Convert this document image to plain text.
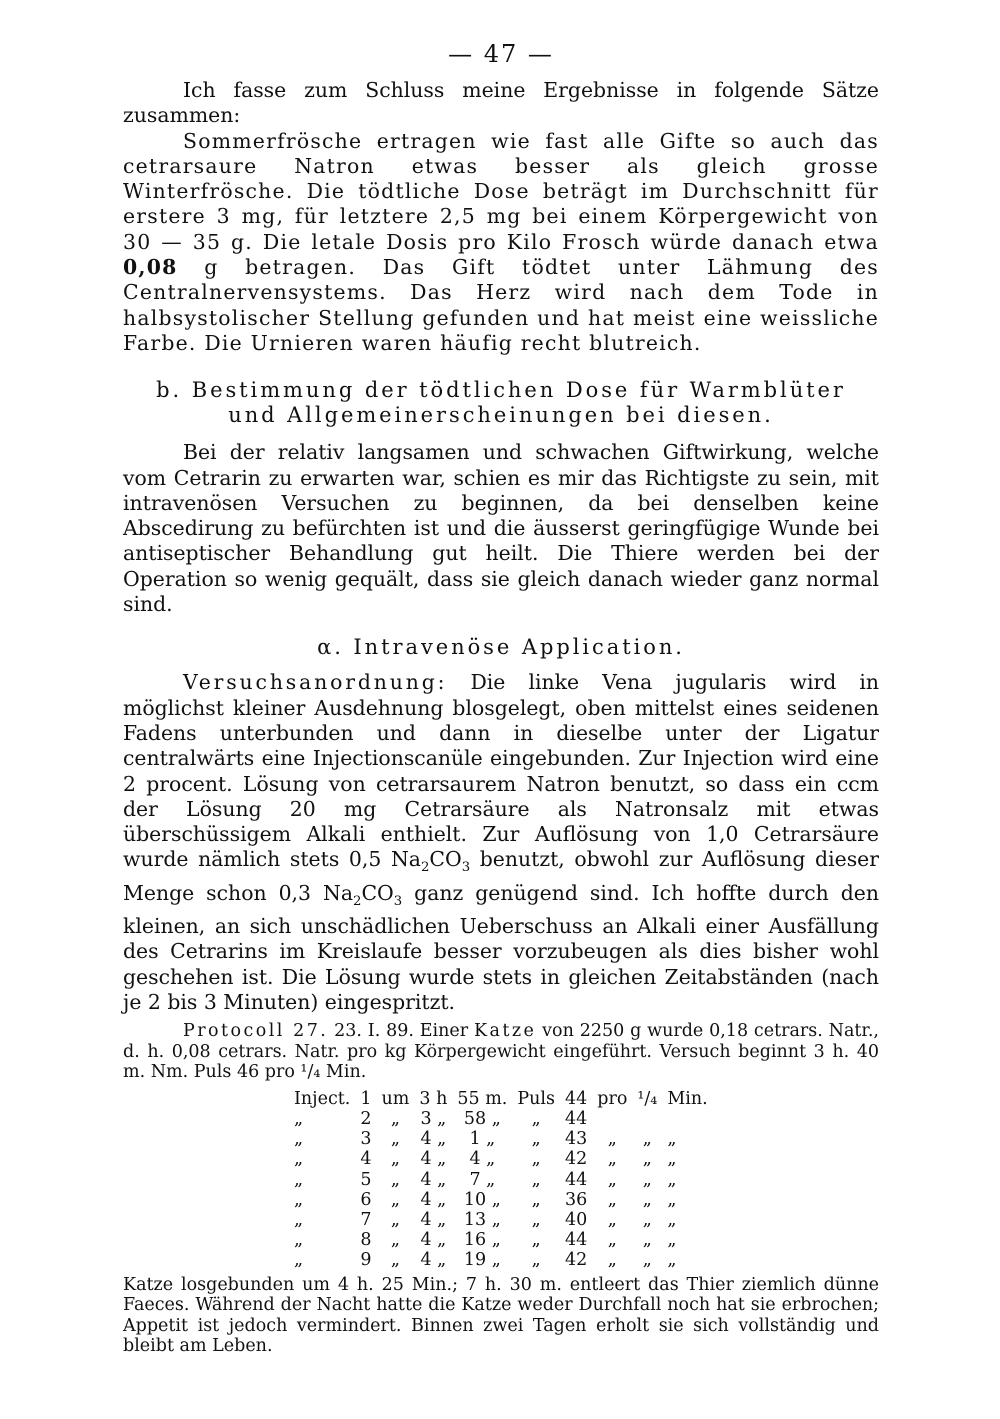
— 47 —

Ich fasse zum Schluss meine Ergebnisse in folgende Sätze zusammen:

Sommerfrösche ertragen wie fast alle Gifte so auch das cetrarsaure Natron etwas besser als gleich grosse Winterfrösche. Die tödtliche Dose beträgt im Durchschnitt für erstere 3 mg, für letztere 2,5 mg bei einem Körpergewicht von 30 — 35 g. Die letale Dosis pro Kilo Frosch würde danach etwa 0,08 g betragen. Das Gift tödtet unter Lähmung des Centralnervensystems. Das Herz wird nach dem Tode in halbsystolischer Stellung gefunden und hat meist eine weissliche Farbe. Die Urnieren waren häufig recht blutreich.

b. Bestimmung der tödtlichen Dose für Warmblüter
und Allgemeinerscheinungen bei diesen.

Bei der relativ langsamen und schwachen Giftwirkung, welche vom Cetrarin zu erwarten war, schien es mir das Richtigste zu sein, mit intravenösen Versuchen zu beginnen, da bei denselben keine Abscedirung zu befürchten ist und die äusserst geringfügige Wunde bei antiseptischer Behandlung gut heilt. Die Thiere werden bei der Operation so wenig gequält, dass sie gleich danach wieder ganz normal sind.

α. Intravenöse Application.

Versuchsanordnung: Die linke Vena jugularis wird in möglichst kleiner Ausdehnung blosgelegt, oben mittelst eines seidenen Fadens unterbunden und dann in dieselbe unter der Ligatur centralwärts eine Injectionscanüle eingebunden. Zur Injection wird eine 2 procent. Lösung von cetrarsaurem Natron benutzt, so dass ein ccm der Lösung 20 mg Cetrarsäure als Natronsalz mit etwas überschüssigem Alkali enthielt. Zur Auflösung von 1,0 Cetrarsäure wurde nämlich stets 0,5 $Na_2CO_3$ benutzt, obwohl zur Auflösung dieser Menge schon 0,3 $Na_2CO_3$ ganz genügend sind. Ich hoffte durch den kleinen, an sich unschädlichen Ueberschuss an Alkali einer Ausfällung des Cetrarins im Kreislaufe besser vorzubeugen als dies bisher wohl geschehen ist. Die Lösung wurde stets in gleichen Zeitabständen (nach je 2 bis 3 Minuten) eingespritzt.

Protocoll 27. 23. I. 89. Einer Katze von 2250 g wurde 0,18 cetrars. Natr., d. h. 0,08 cetrars. Natr. pro kg Körpergewicht eingeführt. Versuch beginnt 3 h. 40 m. Nm. Puls 46 pro ¹/₄ Min.
Inject.	1	um	3 h	55 m.	Puls	44	pro	¹/₄	Min.
„	2	„	3 „	58 „	„	44			
„	3	„	4 „	1 „	„	43	„	„	„
„	4	„	4 „	4 „	„	42	„	„	„
„	5	„	4 „	7 „	„	44	„	„	„
„	6	„	4 „	10 „	„	36	„	„	„
„	7	„	4 „	13 „	„	40	„	„	„
„	8	„	4 „	16 „	„	44	„	„	„
„	9	„	4 „	19 „	„	42	„	„	„
Katze losgebunden um 4 h. 25 Min.; 7 h. 30 m. entleert das Thier ziemlich dünne Faeces. Während der Nacht hatte die Katze weder Durchfall noch hat sie erbrochen; Appetit ist jedoch vermindert. Binnen zwei Tagen erholt sie sich vollständig und bleibt am Leben.
